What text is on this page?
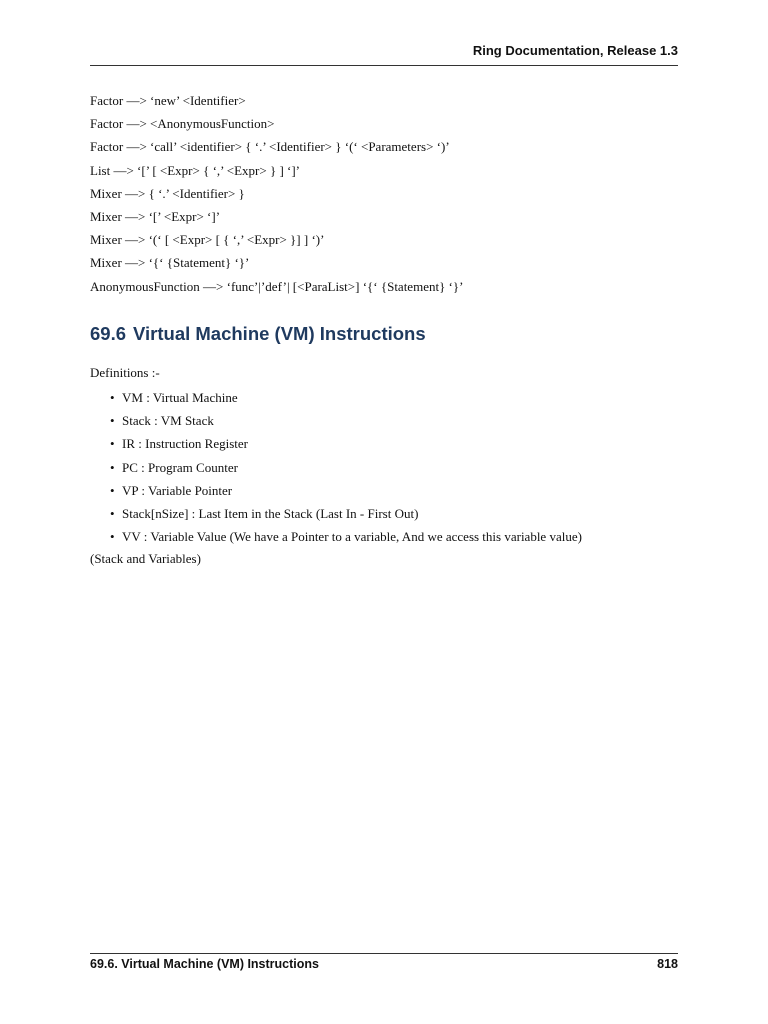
Ring Documentation, Release 1.3
Factor —> ‘new’ <Identifier>
Factor —> <AnonymousFunction>
Factor —> ‘call’ <identifier> { ‘.’ <Identifier> } ‘(‘ <Parameters> ‘)’
List —> ‘[’ [ <Expr> { ‘,’ <Expr> } ] ‘]’
Mixer —> { ‘.’ <Identifier> }
Mixer —> ‘[’ <Expr> ‘]’
Mixer —> ‘(‘ [ <Expr> [ { ‘,’ <Expr> }] ] ‘)’
Mixer —> ‘{‘ {Statement} ‘}’
AnonymousFunction —> ‘func’|’def’| [<ParaList>] ‘{‘ {Statement} ‘}’
69.6 Virtual Machine (VM) Instructions

Definitions :-

• VM : Virtual Machine
• Stack : VM Stack
• IR : Instruction Register
• PC : Program Counter
• VP : Variable Pointer
• Stack[nSize] : Last Item in the Stack (Last In - First Out)
• VV : Variable Value (We have a Pointer to a variable, And we access this variable value)

(Stack and Variables)

69.6. Virtual Machine (VM) Instructions	818
